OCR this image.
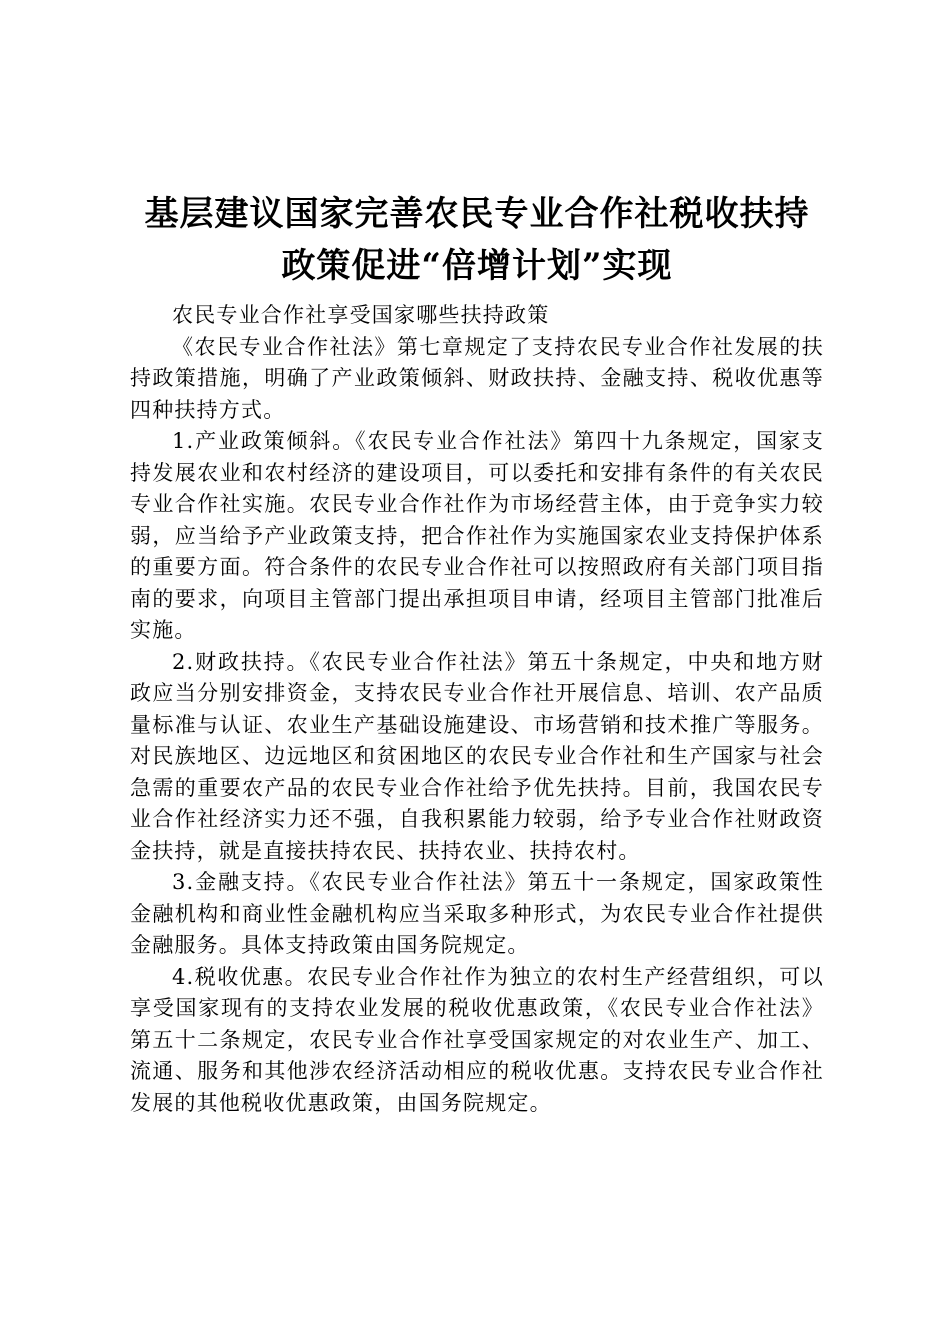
基层建议国家完善农民专业合作社税收扶持政策促进“倍增计划”实现

农民专业合作社享受国家哪些扶持政策

《农民专业合作社法》第七章规定了支持农民专业合作社发展的扶持政策措施，明确了产业政策倾斜、财政扶持、金融支持、税收优惠等四种扶持方式。

1.产业政策倾斜。《农民专业合作社法》第四十九条规定，国家支持发展农业和农村经济的建设项目，可以委托和安排有条件的有关农民专业合作社实施。农民专业合作社作为市场经营主体，由于竞争实力较弱，应当给予产业政策支持，把合作社作为实施国家农业支持保护体系的重要方面。符合条件的农民专业合作社可以按照政府有关部门项目指南的要求，向项目主管部门提出承担项目申请，经项目主管部门批准后实施。

2.财政扶持。《农民专业合作社法》第五十条规定，中央和地方财政应当分别安排资金，支持农民专业合作社开展信息、培训、农产品质量标准与认证、农业生产基础设施建设、市场营销和技术推广等服务。对民族地区、边远地区和贫困地区的农民专业合作社和生产国家与社会急需的重要农产品的农民专业合作社给予优先扶持。目前，我国农民专业合作社经济实力还不强，自我积累能力较弱，给予专业合作社财政资金扶持，就是直接扶持农民、扶持农业、扶持农村。

3.金融支持。《农民专业合作社法》第五十一条规定，国家政策性金融机构和商业性金融机构应当采取多种形式，为农民专业合作社提供金融服务。具体支持政策由国务院规定。

4.税收优惠。农民专业合作社作为独立的农村生产经营组织，可以享受国家现有的支持农业发展的税收优惠政策，《农民专业合作社法》第五十二条规定，农民专业合作社享受国家规定的对农业生产、加工、流通、服务和其他涉农经济活动相应的税收优惠。支持农民专业合作社发展的其他税收优惠政策，由国务院规定。
